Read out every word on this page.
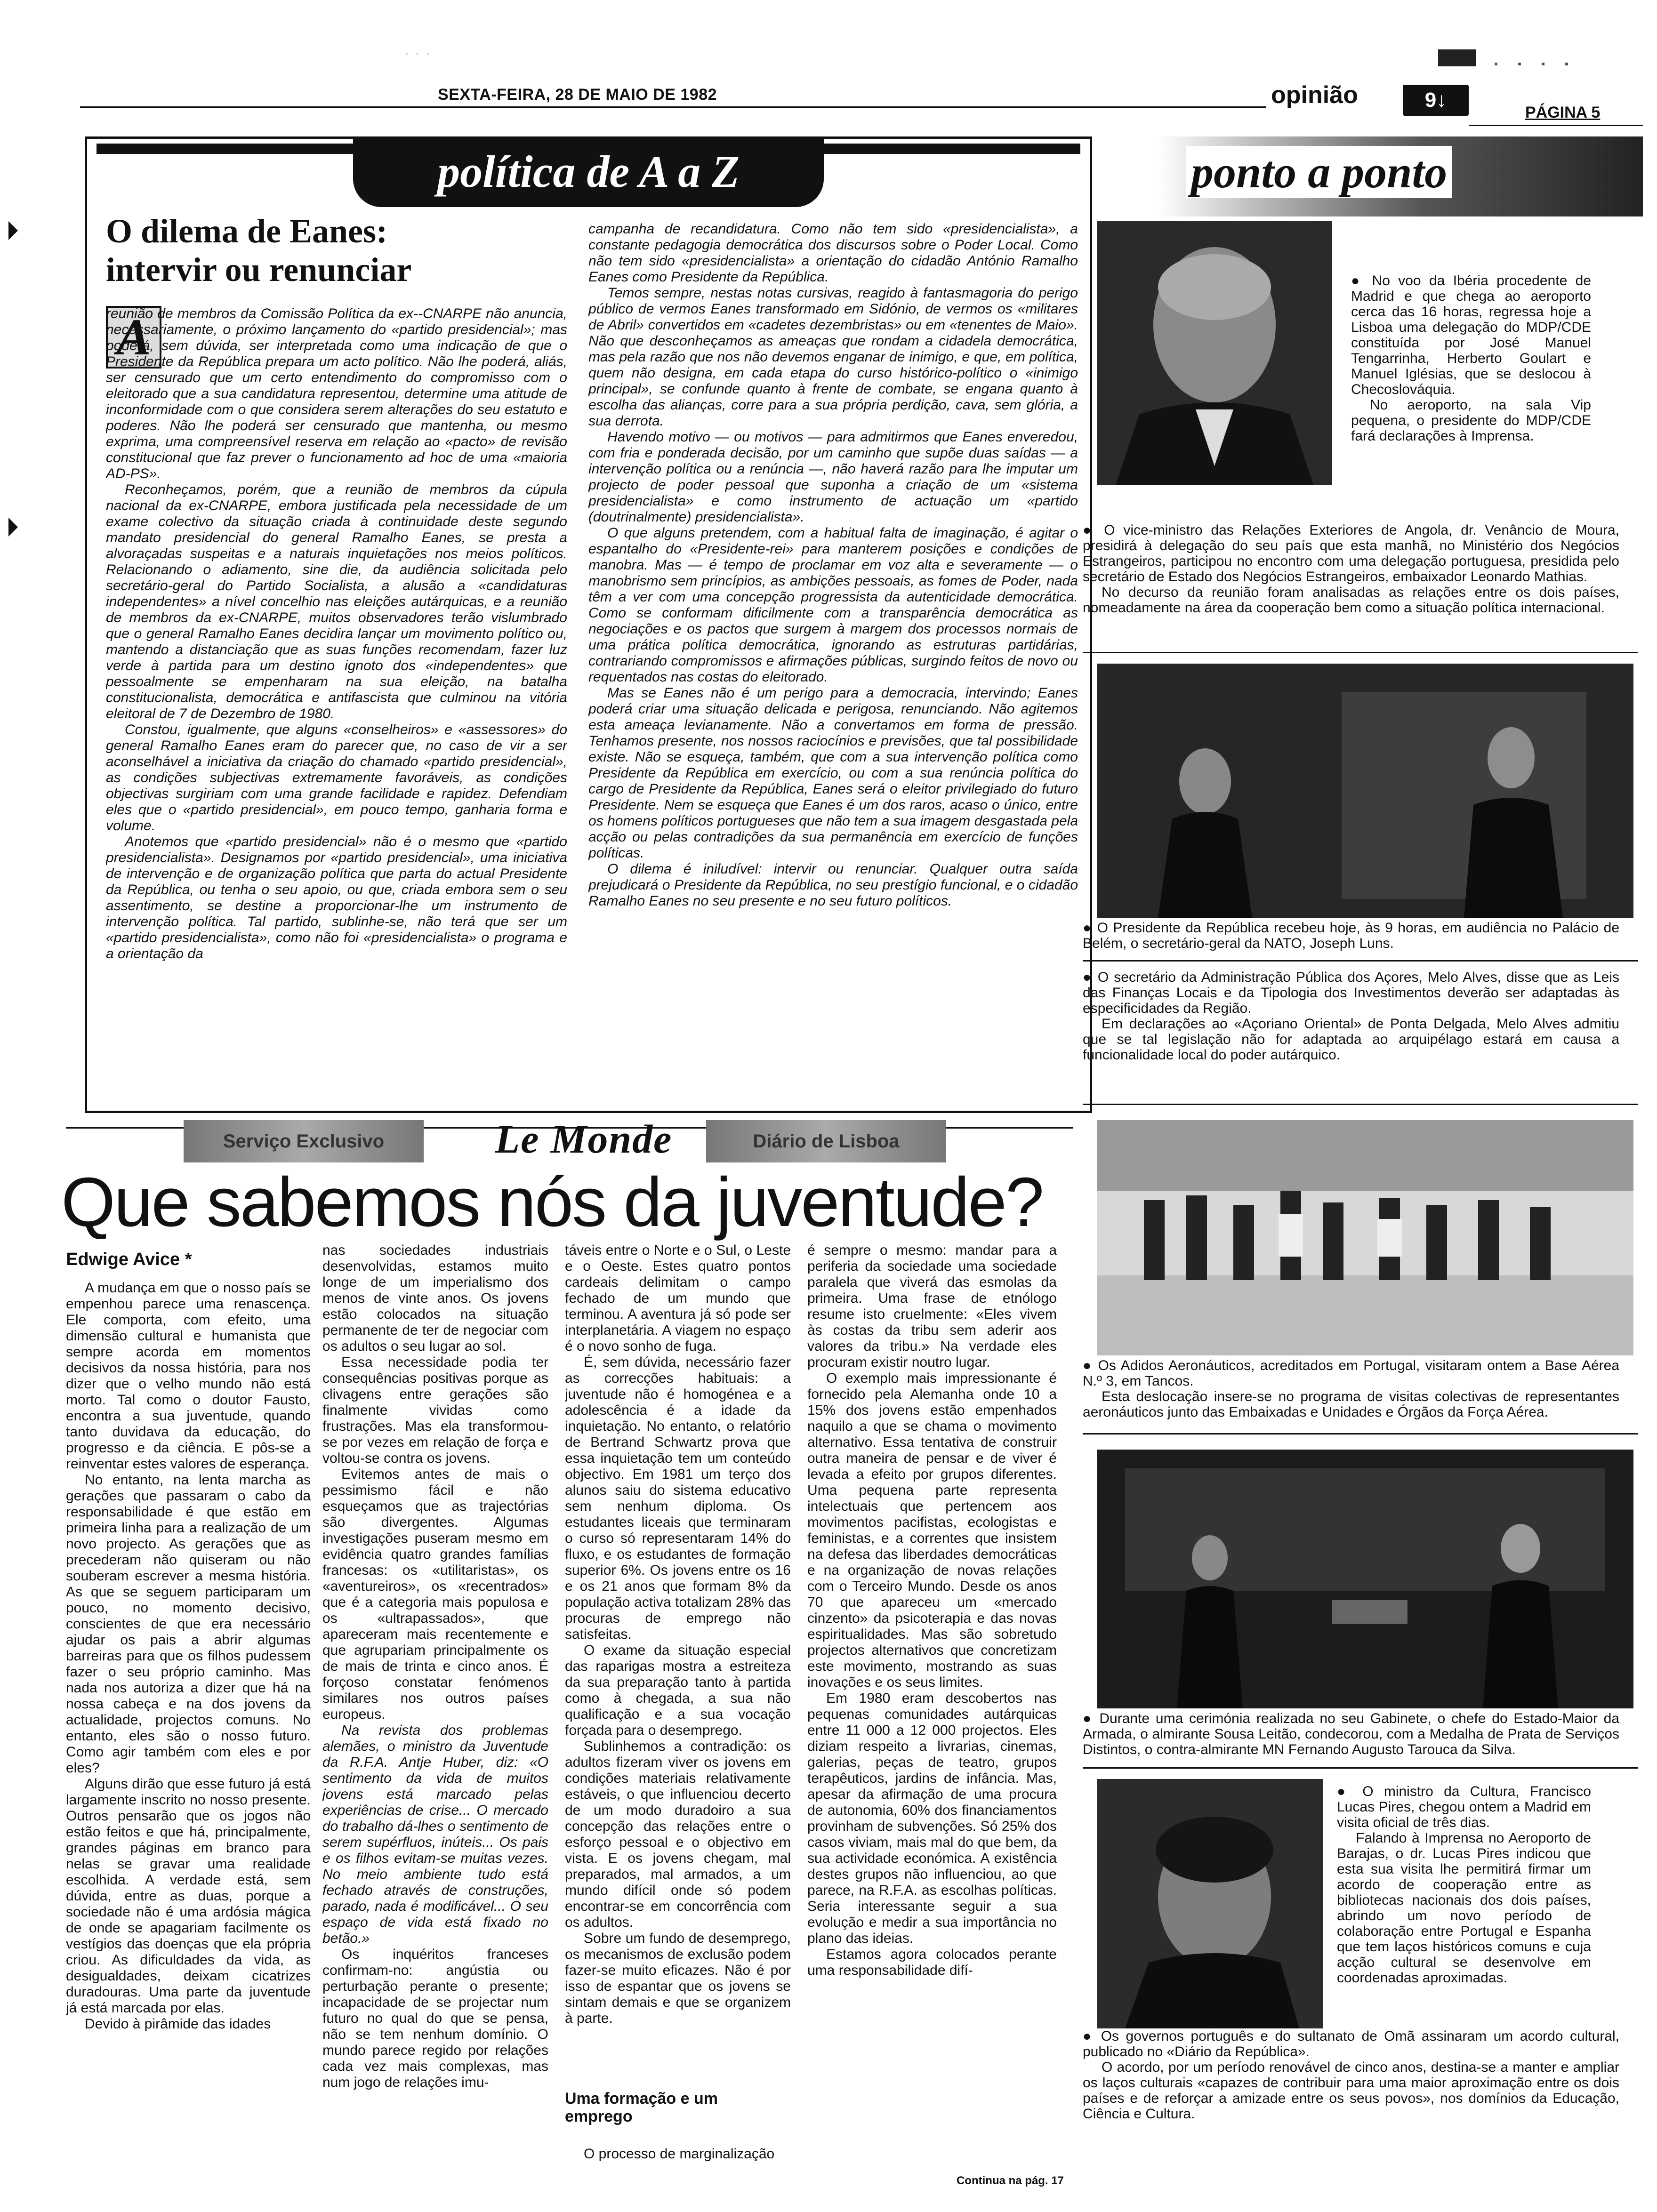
...
SEXTA-FEIRA, 28 DE MAIO DE 1982	opinião	9↓
PÁGINA 5
política de A a Z
O dilema de Eanes:
intervir ou renunciar
A

reunião de membros da Comissão Política da ex--CNARPE não anuncia, necessariamente, o próximo lançamento do «partido presidencial»; mas poderá, sem dúvida, ser interpretada como uma indicação de que o Presidente da República prepara um acto político. Não lhe poderá, aliás, ser censurado que um certo entendimento do compromisso com o eleitorado que a sua candidatura representou, determine uma atitude de inconformidade com o que considera serem alterações do seu estatuto e poderes. Não lhe poderá ser censurado que mantenha, ou mesmo exprima, uma compreensível reserva em relação ao «pacto» de revisão constitucional que faz prever o funcionamento ad hoc de uma «maioria AD-PS».

Reconheçamos, porém, que a reunião de membros da cúpula nacional da ex-CNARPE, embora justificada pela necessidade de um exame colectivo da situação criada à continuidade deste segundo mandato presidencial do general Ramalho Eanes, se presta a alvoraçadas suspeitas e a naturais inquietações nos meios políticos. Relacionando o adiamento, sine die, da audiência solicitada pelo secretário-geral do Partido Socialista, a alusão a «candidaturas independentes» a nível concelhio nas eleições autárquicas, e a reunião de membros da ex-CNARPE, muitos observadores terão vislumbrado que o general Ramalho Eanes decidira lançar um movimento político ou, mantendo a distanciação que as suas funções recomendam, fazer luz verde à partida para um destino ignoto dos «independentes» que pessoalmente se empenharam na sua eleição, na batalha constitucionalista, democrática e antifascista que culminou na vitória eleitoral de 7 de Dezembro de 1980.

Constou, igualmente, que alguns «conselheiros» e «assessores» do general Ramalho Eanes eram do parecer que, no caso de vir a ser aconselhável a iniciativa da criação do chamado «partido presidencial», as condições subjectivas extremamente favoráveis, as condições objectivas surgiriam com uma grande facilidade e rapidez. Defendiam eles que o «partido presidencial», em pouco tempo, ganharia forma e volume.

Anotemos que «partido presidencial» não é o mesmo que «partido presidencialista». Designamos por «partido presidencial», uma iniciativa de intervenção e de organização política que parta do actual Presidente da República, ou tenha o seu apoio, ou que, criada embora sem o seu assentimento, se destine a proporcionar-lhe um instrumento de intervenção política. Tal partido, sublinhe-se, não terá que ser um «partido presidencialista», como não foi «presidencialista» o programa e a orientação da

campanha de recandidatura. Como não tem sido «presidencialista», a constante pedagogia democrática dos discursos sobre o Poder Local. Como não tem sido «presidencialista» a orientação do cidadão António Ramalho Eanes como Presidente da República.

Temos sempre, nestas notas cursivas, reagido à fantasmagoria do perigo público de vermos Eanes transformado em Sidónio, de vermos os «militares de Abril» convertidos em «cadetes dezembristas» ou em «tenentes de Maio». Não que desconheçamos as ameaças que rondam a cidadela democrática, mas pela razão que nos não devemos enganar de inimigo, e que, em política, quem não designa, em cada etapa do curso histórico-político o «inimigo principal», se confunde quanto à frente de combate, se engana quanto à escolha das alianças, corre para a sua própria perdição, cava, sem glória, a sua derrota.

Havendo motivo — ou motivos — para admitirmos que Eanes enveredou, com fria e ponderada decisão, por um caminho que supõe duas saídas — a intervenção política ou a renúncia —, não haverá razão para lhe imputar um projecto de poder pessoal que suponha a criação de um «sistema presidencialista» e como instrumento de actuação um «partido (doutrinalmente) presidencialista».

O que alguns pretendem, com a habitual falta de imaginação, é agitar o espantalho do «Presidente-rei» para manterem posições e condições de manobra. Mas — é tempo de proclamar em voz alta e severamente — o manobrismo sem princípios, as ambições pessoais, as fomes de Poder, nada têm a ver com uma concepção progressista da autenticidade democrática. Como se conformam dificilmente com a transparência democrática as negociações e os pactos que surgem à margem dos processos normais de uma prática política democrática, ignorando as estruturas partidárias, contrariando compromissos e afirmações públicas, surgindo feitos de novo ou requentados nas costas do eleitorado.

Mas se Eanes não é um perigo para a democracia, intervindo; Eanes poderá criar uma situação delicada e perigosa, renunciando. Não agitemos esta ameaça levianamente. Não a convertamos em forma de pressão. Tenhamos presente, nos nossos raciocínios e previsões, que tal possibilidade existe. Não se esqueça, também, que com a sua intervenção política como Presidente da República em exercício, ou com a sua renúncia política do cargo de Presidente da República, Eanes será o eleitor privilegiado do futuro Presidente. Nem se esqueça que Eanes é um dos raros, acaso o único, entre os homens políticos portugueses que não tem a sua imagem desgastada pela acção ou pelas contradições da sua permanência em exercício de funções políticas.

O dilema é iniludível: intervir ou renunciar. Qualquer outra saída prejudicará o Presidente da República, no seu prestígio funcional, e o cidadão Ramalho Eanes no seu presente e no seu futuro políticos.

ponto a ponto

● No voo da Ibéria procedente de Madrid e que chega ao aeroporto cerca das 16 horas, regressa hoje a Lisboa uma delegação do MDP/CDE constituída por José Manuel Tengarrinha, Herberto Goulart e Manuel Iglésias, que se deslocou à Checoslováquia.

No aeroporto, na sala Vip pequena, o presidente do MDP/CDE fará declarações à Imprensa.

● O vice-ministro das Relações Exteriores de Angola, dr. Venâncio de Moura, presidirá à delegação do seu país que esta manhã, no Ministério dos Negócios Estrangeiros, participou no encontro com uma delegação portuguesa, presidida pelo secretário de Estado dos Negócios Estrangeiros, embaixador Leonardo Mathias.

No decurso da reunião foram analisadas as relações entre os dois países, nomeadamente na área da cooperação bem como a situação política internacional.

● O Presidente da República recebeu hoje, às 9 horas, em audiência no Palácio de Belém, o secretário-geral da NATO, Joseph Luns.

● O secretário da Administração Pública dos Açores, Melo Alves, disse que as Leis das Finanças Locais e da Tipologia dos Investimentos deverão ser adaptadas às especificidades da Região.

Em declarações ao «Açoriano Oriental» de Ponta Delgada, Melo Alves admitiu que se tal legislação não for adaptada ao arquipélago estará em causa a funcionalidade local do poder autárquico.

● Os Adidos Aeronáuticos, acreditados em Portugal, visitaram ontem a Base Aérea N.º 3, em Tancos.

Esta deslocação insere-se no programa de visitas colectivas de representantes aeronáuticos junto das Embaixadas e Unidades e Órgãos da Força Aérea.

● Durante uma cerimónia realizada no seu Gabinete, o chefe do Estado-Maior da Armada, o almirante Sousa Leitão, condecorou, com a Medalha de Prata de Serviços Distintos, o contra-almirante MN Fernando Augusto Tarouca da Silva.

● O ministro da Cultura, Francisco Lucas Pires, chegou ontem a Madrid em visita oficial de três dias.

Falando à Imprensa no Aeroporto de Barajas, o dr. Lucas Pires indicou que esta sua visita lhe permitirá firmar um acordo de cooperação entre as bibliotecas nacionais dos dois países, abrindo um novo período de colaboração entre Portugal e Espanha que tem laços históricos comuns e cuja acção cultural se desenvolve em coordenadas aproximadas.

● Os governos português e do sultanato de Omã assinaram um acordo cultural, publicado no «Diário da República».

O acordo, por um período renovável de cinco anos, destina-se a manter e ampliar os laços culturais «capazes de contribuir para uma maior aproximação entre os dois países e de reforçar a amizade entre os seus povos», nos domínios da Educação, Ciência e Cultura.

Serviço Exclusivo	Le Monde	Diário de Lisboa
Que sabemos nós da juventude?
Edwige Avice *

A mudança em que o nosso país se empenhou parece uma renascença. Ele comporta, com efeito, uma dimensão cultural e humanista que sempre acorda em momentos decisivos da nossa história, para nos dizer que o velho mundo não está morto. Tal como o doutor Fausto, encontra a sua juventude, quando tanto duvidava da educação, do progresso e da ciência. E pôs-se a reinventar estes valores de esperança.

No entanto, na lenta marcha as gerações que passaram o cabo da responsabilidade é que estão em primeira linha para a realização de um novo projecto. As gerações que as precederam não quiseram ou não souberam escrever a mesma história. As que se seguem participaram um pouco, no momento decisivo, conscientes de que era necessário ajudar os pais a abrir algumas barreiras para que os filhos pudessem fazer o seu próprio caminho. Mas nada nos autoriza a dizer que há na nossa cabeça e na dos jovens da actualidade, projectos comuns. No entanto, eles são o nosso futuro. Como agir também com eles e por eles?

Alguns dirão que esse futuro já está largamente inscrito no nosso presente. Outros pensarão que os jogos não estão feitos e que há, principalmente, grandes páginas em branco para nelas se gravar uma realidade escolhida. A verdade está, sem dúvida, entre as duas, porque a sociedade não é uma ardósia mágica de onde se apagariam facilmente os vestígios das doenças que ela própria criou. As dificuldades da vida, as desigualdades, deixam cicatrizes duradouras. Uma parte da juventude já está marcada por elas.

Devido à pirâmide das idades

nas sociedades industriais desenvolvidas, estamos muito longe de um imperialismo dos menos de vinte anos. Os jovens estão colocados na situação permanente de ter de negociar com os adultos o seu lugar ao sol.

Essa necessidade podia ter consequências positivas porque as clivagens entre gerações são finalmente vividas como frustrações. Mas ela transformou-se por vezes em relação de força e voltou-se contra os jovens.

Evitemos antes de mais o pessimismo fácil e não esqueçamos que as trajectórias são divergentes. Algumas investigações puseram mesmo em evidência quatro grandes famílias francesas: os «utilitaristas», os «aventureiros», os «recentrados» que é a categoria mais populosa e os «ultrapassados», que apareceram mais recentemente e que agrupariam principalmente os de mais de trinta e cinco anos. É forçoso constatar fenómenos similares nos outros países europeus.

Na revista dos problemas alemães, o ministro da Juventude da R.F.A. Antje Huber, diz: «O sentimento da vida de muitos jovens está marcado pelas experiências de crise... O mercado do trabalho dá-lhes o sentimento de serem supérfluos, inúteis... Os pais e os filhos evitam-se muitas vezes. No meio ambiente tudo está fechado através de construções, parado, nada é modificável... O seu espaço de vida está fixado no betão.»

Os inquéritos franceses confirmam-no: angústia ou perturbação perante o presente; incapacidade de se projectar num futuro no qual do que se pensa, não se tem nenhum domínio. O mundo parece regido por relações cada vez mais complexas, mas num jogo de relações imu-

táveis entre o Norte e o Sul, o Leste e o Oeste. Estes quatro pontos cardeais delimitam o campo fechado de um mundo que terminou. A aventura já só pode ser interplanetária. A viagem no espaço é o novo sonho de fuga.

É, sem dúvida, necessário fazer as correcções habituais: a juventude não é homogénea e a adolescência é a idade da inquietação. No entanto, o relatório de Bertrand Schwartz prova que essa inquietação tem um conteúdo objectivo. Em 1981 um terço dos alunos saiu do sistema educativo sem nenhum diploma. Os estudantes liceais que terminaram o curso só representaram 14% do fluxo, e os estudantes de formação superior 6%. Os jovens entre os 16 e os 21 anos que formam 8% da população activa totalizam 28% das procuras de emprego não satisfeitas.

O exame da situação especial das raparigas mostra a estreiteza da sua preparação tanto à partida como à chegada, a sua não qualificação e a sua vocação forçada para o desemprego.

Sublinhemos a contradição: os adultos fizeram viver os jovens em condições materiais relativamente estáveis, o que influenciou decerto de um modo duradoiro a sua concepção das relações entre o esforço pessoal e o objectivo em vista. E os jovens chegam, mal preparados, mal armados, a um mundo difícil onde só podem encontrar-se em concorrência com os adultos.

Sobre um fundo de desemprego, os mecanismos de exclusão podem fazer-se muito eficazes. Não é por isso de espantar que os jovens se sintam demais e que se organizem à parte.

Uma formação e um emprego
O processo de marginalização

é sempre o mesmo: mandar para a periferia da sociedade uma sociedade paralela que viverá das esmolas da primeira. Uma frase de etnólogo resume isto cruelmente: «Eles vivem às costas da tribu sem aderir aos valores da tribu.» Na verdade eles procuram existir noutro lugar.

O exemplo mais impressionante é fornecido pela Alemanha onde 10 a 15% dos jovens estão empenhados naquilo a que se chama o movimento alternativo. Essa tentativa de construir outra maneira de pensar e de viver é levada a efeito por grupos diferentes. Uma pequena parte representa intelectuais que pertencem aos movimentos pacifistas, ecologistas e feministas, e a correntes que insistem na defesa das liberdades democráticas e na organização de novas relações com o Terceiro Mundo. Desde os anos 70 que apareceu um «mercado cinzento» da psicoterapia e das novas espiritualidades. Mas são sobretudo projectos alternativos que concretizam este movimento, mostrando as suas inovações e os seus limites.

Em 1980 eram descobertos nas pequenas comunidades autárquicas entre 11 000 a 12 000 projectos. Eles diziam respeito a livrarias, cinemas, galerias, peças de teatro, grupos terapêuticos, jardins de infância. Mas, apesar da afirmação de uma procura de autonomia, 60% dos financiamentos provinham de subvenções. Só 25% dos casos viviam, mais mal do que bem, da sua actividade económica. A existência destes grupos não influenciou, ao que parece, na R.F.A. as escolhas políticas. Seria interessante seguir a sua evolução e medir a sua importância no plano das ideias.

Estamos agora colocados perante uma responsabilidade difí-

Continua na pág. 17
